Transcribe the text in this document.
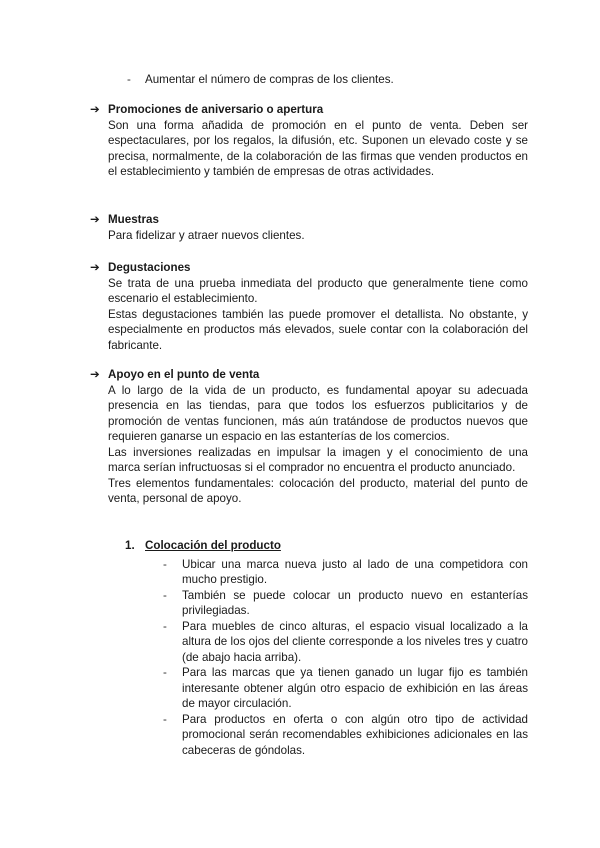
-	Aumentar el número de compras de los clientes.
➔ Promociones de aniversario o apertura
Son una forma añadida de promoción en el punto de venta. Deben ser espectaculares, por los regalos, la difusión, etc. Suponen un elevado coste y se precisa, normalmente, de la colaboración de las firmas que venden productos en el establecimiento y también de empresas de otras actividades.
➔ Muestras
Para fidelizar y atraer nuevos clientes.
➔ Degustaciones
Se trata de una prueba inmediata del producto que generalmente tiene como escenario el establecimiento.
Estas degustaciones también las puede promover el detallista. No obstante, y especialmente en productos más elevados, suele contar con la colaboración del fabricante.
➔ Apoyo en el punto de venta
A lo largo de la vida de un producto, es fundamental apoyar su adecuada presencia en las tiendas, para que todos los esfuerzos publicitarios y de promoción de ventas funcionen, más aún tratándose de productos nuevos que requieren ganarse un espacio en las estanterías de los comercios.
Las inversiones realizadas en impulsar la imagen y el conocimiento de una marca serían infructuosas si el comprador no encuentra el producto anunciado.
Tres elementos fundamentales: colocación del producto, material del punto de venta, personal de apoyo.
1. Colocación del producto
-	Ubicar una marca nueva justo al lado de una competidora con mucho prestigio.
-	También se puede colocar un producto nuevo en estanterías privilegiadas.
-	Para muebles de cinco alturas, el espacio visual localizado a la altura de los ojos del cliente corresponde a los niveles tres y cuatro (de abajo hacia arriba).
-	Para las marcas que ya tienen ganado un lugar fijo es también interesante obtener algún otro espacio de exhibición en las áreas de mayor circulación.
-	Para productos en oferta o con algún otro tipo de actividad promocional serán recomendables exhibiciones adicionales en las cabeceras de góndolas.
